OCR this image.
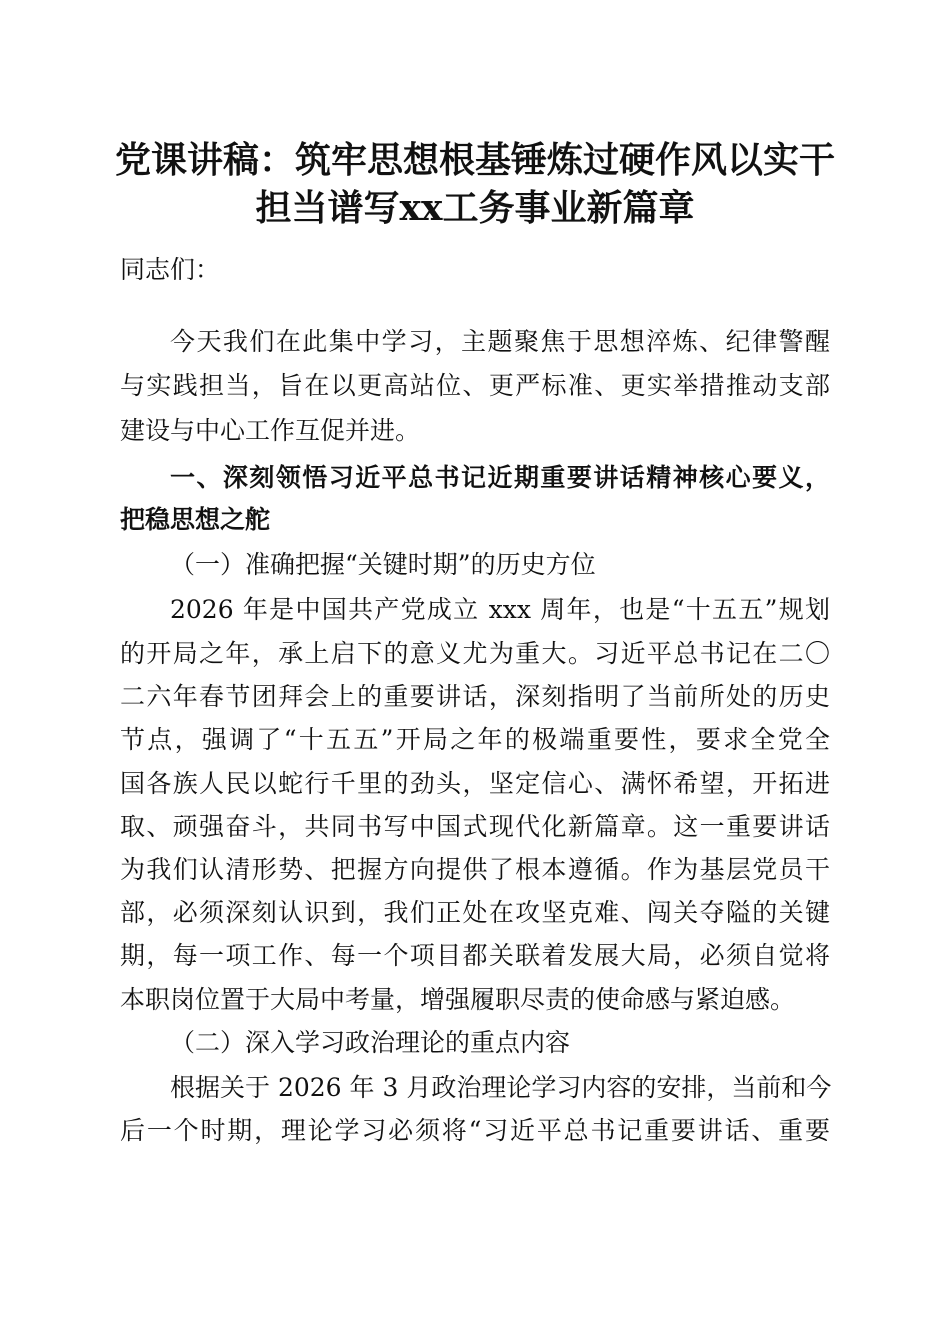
党课讲稿：筑牢思想根基锤炼过硬作风以实干
担当谱写xx工务事业新篇章
同志们：
今天我们在此集中学习，主题聚焦于思想淬炼、纪律警醒
与实践担当，旨在以更高站位、更严标准、更实举措推动支部
建设与中心工作互促并进。
一、深刻领悟习近平总书记近期重要讲话精神核心要义，
把稳思想之舵
（一）准确把握“关键时期”的历史方位
2026 年是中国共产党成立 xxx 周年，也是“十五五”规划
的开局之年，承上启下的意义尤为重大。习近平总书记在二〇
二六年春节团拜会上的重要讲话，深刻指明了当前所处的历史
节点，强调了“十五五”开局之年的极端重要性，要求全党全
国各族人民以蛇行千里的劲头，坚定信心、满怀希望，开拓进
取、顽强奋斗，共同书写中国式现代化新篇章。这一重要讲话
为我们认清形势、把握方向提供了根本遵循。作为基层党员干
部，必须深刻认识到，我们正处在攻坚克难、闯关夺隘的关键
期，每一项工作、每一个项目都关联着发展大局，必须自觉将
本职岗位置于大局中考量，增强履职尽责的使命感与紧迫感。
（二）深入学习政治理论的重点内容
根据关于 2026 年 3 月政治理论学习内容的安排，当前和今
后一个时期，理论学习必须将“习近平总书记重要讲话、重要
